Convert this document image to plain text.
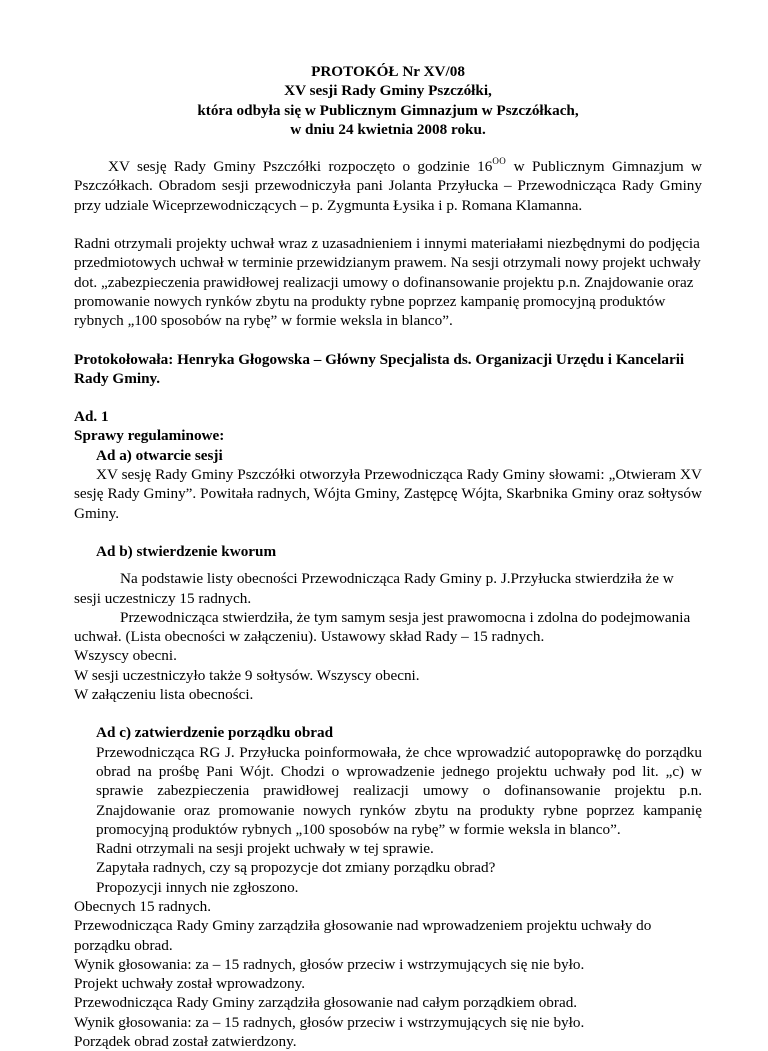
PROTOKÓŁ Nr XV/08
XV sesji Rady Gminy Pszczółki,
która odbyła się w Publicznym Gimnazjum w Pszczółkach,
w dniu 24 kwietnia 2008 roku.

XV sesję Rady Gminy Pszczółki rozpoczęto o godzinie $16^{OO}$ w Publicznym Gimnazjum w Pszczółkach. Obradom sesji przewodniczyła pani Jolanta Przyłucka – Przewodnicząca Rady Gminy przy udziale Wiceprzewodniczących – p. Zygmunta Łysika i p. Romana Klamanna.

Radni otrzymali projekty uchwał wraz z uzasadnieniem i innymi materiałami niezbędnymi do podjęcia przedmiotowych uchwał w terminie przewidzianym prawem. Na sesji otrzymali nowy projekt uchwały dot. „zabezpieczenia prawidłowej realizacji umowy o dofinansowanie projektu p.n. Znajdowanie oraz promowanie nowych rynków zbytu na produkty rybne poprzez kampanię promocyjną produktów rybnych „100 sposobów na rybę” w formie weksla in blanco”.

Protokołowała: Henryka Głogowska – Główny Specjalista ds. Organizacji Urzędu i Kancelarii Rady Gminy.

Ad. 1
Sprawy regulaminowe:
Ad a) otwarcie sesji

XV sesję Rady Gminy Pszczółki otworzyła Przewodnicząca Rady Gminy słowami: „Otwieram XV sesję Rady Gminy”. Powitała radnych, Wójta Gminy, Zastępcę Wójta, Skarbnika Gminy oraz sołtysów Gminy.

Ad b) stwierdzenie kworum

Na podstawie listy obecności Przewodnicząca Rady Gminy p. J.Przyłucka stwierdziła że w sesji uczestniczy 15 radnych.

Przewodnicząca stwierdziła, że tym samym sesja jest prawomocna i zdolna do podejmowania uchwał. (Lista obecności w załączeniu). Ustawowy skład Rady – 15 radnych.

Wszyscy obecni.
W sesji uczestniczyło także 9 sołtysów. Wszyscy obecni.
W załączeniu lista obecności.
Ad c) zatwierdzenie porządku obrad

Przewodnicząca RG J. Przyłucka poinformowała, że chce wprowadzić autopoprawkę do porządku obrad na prośbę Pani Wójt. Chodzi o wprowadzenie jednego projektu uchwały pod lit. „c) w sprawie zabezpieczenia prawidłowej realizacji umowy o dofinansowanie projektu p.n. Znajdowanie oraz promowanie nowych rynków zbytu na produkty rybne poprzez kampanię promocyjną produktów rybnych „100 sposobów na rybę” w formie weksla in blanco”.

Radni otrzymali na sesji projekt uchwały w tej sprawie.

Zapytała radnych, czy są propozycje dot zmiany porządku obrad?

Propozycji innych nie zgłoszono.

Obecnych 15 radnych.

Przewodnicząca Rady Gminy zarządziła głosowanie nad wprowadzeniem projektu uchwały do porządku obrad.

Wynik głosowania: za – 15 radnych, głosów przeciw i wstrzymujących się nie było.
Projekt uchwały został wprowadzony.
Przewodnicząca Rady Gminy zarządziła głosowanie nad całym porządkiem obrad.
Wynik głosowania: za – 15 radnych, głosów przeciw i wstrzymujących się nie było.
Porządek obrad został zatwierdzony.
